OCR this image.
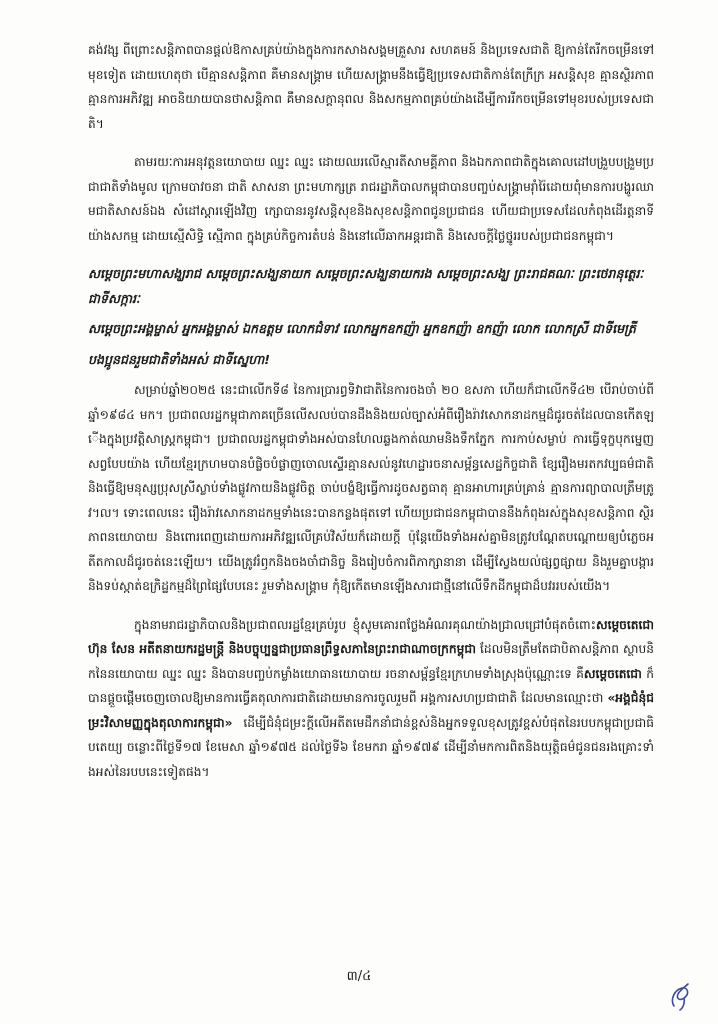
គង់វង្ស ពីព្រោះសន្តិភាពបានផ្ដល់ឱកាសគ្រប់យ៉ាងក្នុងការកសាងសង្គមគ្រួសារ សហគមន៍ និងប្រទេសជាតិ ឱ្យកាន់តែរីកចម្រើនទៅមុខទៀត ដោយហេតុថា បើគ្មានសន្តិភាព គឺមានសង្គ្រាម ហើយសង្គ្រាមនឹងធ្វើឱ្យប្រទេសជាតិកាន់តែក្រីក្រ អសន្តិសុខ គ្មានស្ថិរភាព គ្មានការអភិវឌ្ឍ អាចនិយាយបានថាសន្តិភាព គឺមានសក្ដានុពល និងសកម្មភាពគ្រប់យ៉ាងដើម្បីការរីកចម្រើនទៅមុខរបស់ប្រទេសជាតិ។

តាមរយៈការអនុវត្តនយោបាយ ឈ្នះ ឈ្នះ ដោយឈរលើស្មារតីសាមគ្គីភាព និងឯកភាពជាតិក្នុងគោលដៅបង្រួបបង្រួមប្រជាជាតិទាំងមូល ក្រោមបាវចនា ជាតិ សាសនា ព្រះមហាក្សត្រ រាជរដ្ឋាភិបាលកម្ពុជាបានបញ្ចប់សង្គ្រាមរ៉ាំរ៉ៃដោយពុំមានការបង្ហូរឈាមជាតិសាសន៍ឯង សំដៅស្ដារឡើងវិញ ក្សោបានរនូវសន្តិសុខនិងសុខសន្តិភាពជូនប្រជាជន ហើយជាប្រទេសដែលកំពុងដើរត្តនាទីយ៉ាងសកម្ម ដោយស្មើសិទ្ធិ ស្មើភាព ក្នុងគ្រប់កិច្ចការតំបន់ និងនៅលើឆាកអន្តរជាតិ និងសេចក្ដីថ្លៃថ្នូររបស់ប្រជាជនកម្ពុជា។

សម្ដេចព្រះមហាសង្ឃរាជ សម្ដេចព្រះសង្ឃនាយក សម្ដេចព្រះសង្ឃនាយករង សម្ដេចព្រះសង្ឃ ព្រះរាជគណៈ ព្រះថេរានុត្ថេរៈ ជាទីសក្ការៈ

សម្ដេចព្រះអង្គម្ចាស់ អ្នកអង្គម្ចាស់ ឯកឧត្តម លោកជំទាវ លោកអ្នកឧកញ៉ា អ្នកឧកញ៉ា ឧកញ៉ា លោក លោកស្រី ជាទីមេត្រី

បងប្អូនជនរួមជាតិទាំងអស់ ជាទីស្នេហា!

សម្រាប់ឆ្នាំ២០២៥ នេះជាលើកទី៨ នៃការប្រារព្ធទិវាជាតិនៃការចងចាំ ២០ ឧសភា ហើយក៏ជាលើកទី៤២ បើរាប់ចាប់ពីឆ្នាំ១៩៨៤ មក។ ប្រជាពលរដ្ឋកម្ពុជាភាគច្រើនលើសលប់បានដឹងនិងយល់ច្បាស់អំពីរឿងរ៉ាវសោកនាដកម្មដ៏ជូរចត់ដែលបានកើតឡើងក្នុងប្រវត្តិសាស្ត្រកម្ពុជា។ ប្រជាពលរដ្ឋកម្ពុជាទាំងអស់បានហែលឆ្លងកាត់ឈាមនិងទឹកភ្នែក ការកាប់សម្លាប់ ការធ្វើទុក្ខបុកម្នេញសព្វបែបយ៉ាង ហើយខ្មែរក្រហមបានបំផ្លិចបំផ្លាញចោលស្ទើរគ្មានសល់នូវហេដ្ឋារចនាសម្ព័ន្ធសេដ្ឋកិច្ចជាតិ ខ្សែរឿងមរតកវប្បធម៌ជាតិ និងធ្វើឱ្យមនុស្សប្រុសស្រីស្លាប់ទាំងផ្លូវកាយនិងផ្លូវចិត្ត ចាប់បង្ខំឱ្យធ្វើការដូចសត្វធាតុ គ្មានអាហារគ្រប់គ្រាន់ គ្មានការព្យាបាលត្រឹមត្រូវ។ល។ ទោះពេលនេះ រឿងរ៉ាវសោកនាដកម្មទាំងនេះបានកន្លងផុតទៅ ហើយប្រជាជនកម្ពុជាបាននឹងកំពុងរស់ក្នុងសុខសន្តិភាព ស្ថិរភាពនយោបាយ និងពោរពេញដោយការអភិវឌ្ឍលើគ្រប់វិស័យក៏ដោយក្ដី ប៉ុន្តែយើងទាំងអស់គ្នាមិនត្រូវបណ្ដែតបណ្ដោយឲ្យបំភ្លេចអតីតកាលដ៏ជូរចត់នេះឡើយ។ យើងត្រូវរំឭកនិងចងចាំជានិច្ច និងរៀបចំការពិភាក្សានានា ដើម្បីស្វែងយល់ផ្សព្វផ្សាយ និងរួមគ្នាបង្ការនិងទប់ស្កាត់ឧក្រិដ្ឋកម្មដ៏ព្រៃផ្សៃបែបនេះ រួមទាំងសង្គ្រាម កុំឱ្យកើតមានឡើងសារជាថ្មីនៅលើទឹកដីកម្ពុជាដ៏បវររបស់យើង។

ក្នុងនាមរាជរដ្ឋាភិបាលនិងប្រជាពលរដ្ឋខ្មែរគ្រប់រូប ខ្ញុំសូមគោរពថ្លែងអំណរគុណយ៉ាងជ្រាលជ្រៅបំផុតចំពោះសម្ដេចតេជោ ហ៊ុន សែន អតីតនាយករដ្ឋមន្ត្រី និងបច្ចុប្បន្នជាប្រធានព្រឹទ្ធសភានៃព្រះរាជាណាចក្រកម្ពុជា ដែលមិនត្រឹមតែជាបិតាសន្តិភាព ស្ថាបនិកនៃនយោបាយ ឈ្នះ ឈ្នះ និងបានបញ្ចប់កម្លាំងយោធានយោបាយ រចនាសម្ព័ន្ធខ្មែរក្រហមទាំងស្រុងប៉ុណ្ណោះទេ គឺសម្ដេចតេជោ ក៏បានផ្ដួចផ្ដើមចេញចោលឱ្យមានការធ្វើគតុលាការជាតិដោយមានការចូលរួមពី អង្គការសហប្រជាជាតិ ដែលមានឈ្មោះថា «អង្គជំនុំជម្រះវិសាមញ្ញក្នុងតុលាការកម្ពុជា» ដើម្បីជំនុំជម្រះក្ដីលើអតីតមេដឹកនាំជាន់ខ្ពស់និងអ្នកទទួលខុសត្រូវខ្ពស់បំផុតនៃរបបកម្ពុជាប្រជាធិបតេយ្យ ចន្លោះពីថ្ងៃទី១៧ ខែមេសា ឆ្នាំ១៩៧៥ ដល់ថ្ងៃទី៦ ខែមករា ឆ្នាំ១៩៧៩ ដើម្បីនាំមកការពិតនិងយុត្តិធម៌ជូនជនរងគ្រោះទាំងអស់នៃរបបនេះទៀតផង។

៣/៤
